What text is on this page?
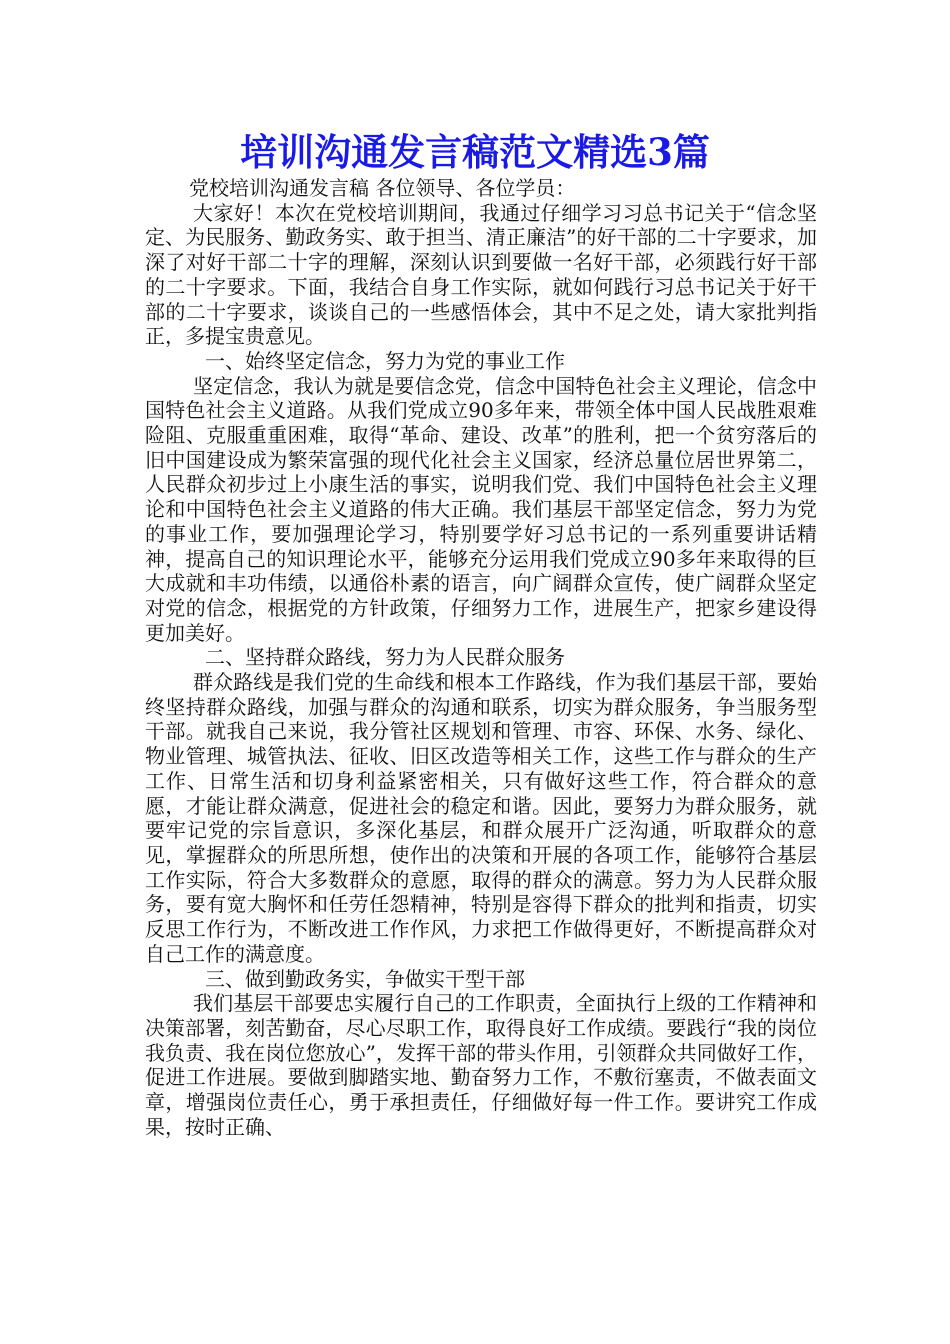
培训沟通发言稿范文精选3篇

党校培训沟通发言稿 各位领导、各位学员：

大家好！本次在党校培训期间，我通过仔细学习习总书记关于“信念坚定、为民服务、勤政务实、敢于担当、清正廉洁”的好干部的二十字要求，加深了对好干部二十字的理解，深刻认识到要做一名好干部，必须践行好干部的二十字要求。下面，我结合自身工作实际，就如何践行习总书记关于好干部的二十字要求，谈谈自己的一些感悟体会，其中不足之处，请大家批判指正，多提宝贵意见。

一、始终坚定信念，努力为党的事业工作

坚定信念，我认为就是要信念党，信念中国特色社会主义理论，信念中国特色社会主义道路。从我们党成立90多年来，带领全体中国人民战胜艰难险阻、克服重重困难，取得“革命、建设、改革”的胜利，把一个贫穷落后的旧中国建设成为繁荣富强的现代化社会主义国家，经济总量位居世界第二，人民群众初步过上小康生活的事实，说明我们党、我们中国特色社会主义理论和中国特色社会主义道路的伟大正确。我们基层干部坚定信念，努力为党的事业工作，要加强理论学习，特别要学好习总书记的一系列重要讲话精神，提高自己的知识理论水平，能够充分运用我们党成立90多年来取得的巨大成就和丰功伟绩，以通俗朴素的语言，向广阔群众宣传，使广阔群众坚定对党的信念，根据党的方针政策，仔细努力工作，进展生产，把家乡建设得更加美好。

二、坚持群众路线，努力为人民群众服务

群众路线是我们党的生命线和根本工作路线，作为我们基层干部，要始终坚持群众路线，加强与群众的沟通和联系，切实为群众服务，争当服务型干部。就我自己来说，我分管社区规划和管理、市容、环保、水务、绿化、物业管理、城管执法、征收、旧区改造等相关工作，这些工作与群众的生产工作、日常生活和切身利益紧密相关，只有做好这些工作，符合群众的意愿，才能让群众满意，促进社会的稳定和谐。因此，要努力为群众服务，就要牢记党的宗旨意识，多深化基层，和群众展开广泛沟通，听取群众的意见，掌握群众的所思所想，使作出的决策和开展的各项工作，能够符合基层工作实际，符合大多数群众的意愿，取得的群众的满意。努力为人民群众服务，要有宽大胸怀和任劳任怨精神，特别是容得下群众的批判和指责，切实反思工作行为，不断改进工作作风，力求把工作做得更好，不断提高群众对自己工作的满意度。

三、做到勤政务实，争做实干型干部

我们基层干部要忠实履行自己的工作职责，全面执行上级的工作精神和决策部署，刻苦勤奋，尽心尽职工作，取得良好工作成绩。要践行“我的岗位我负责、我在岗位您放心”，发挥干部的带头作用，引领群众共同做好工作，促进工作进展。要做到脚踏实地、勤奋努力工作，不敷衍塞责，不做表面文章，增强岗位责任心，勇于承担责任，仔细做好每一件工作。要讲究工作成果，按时正确、
